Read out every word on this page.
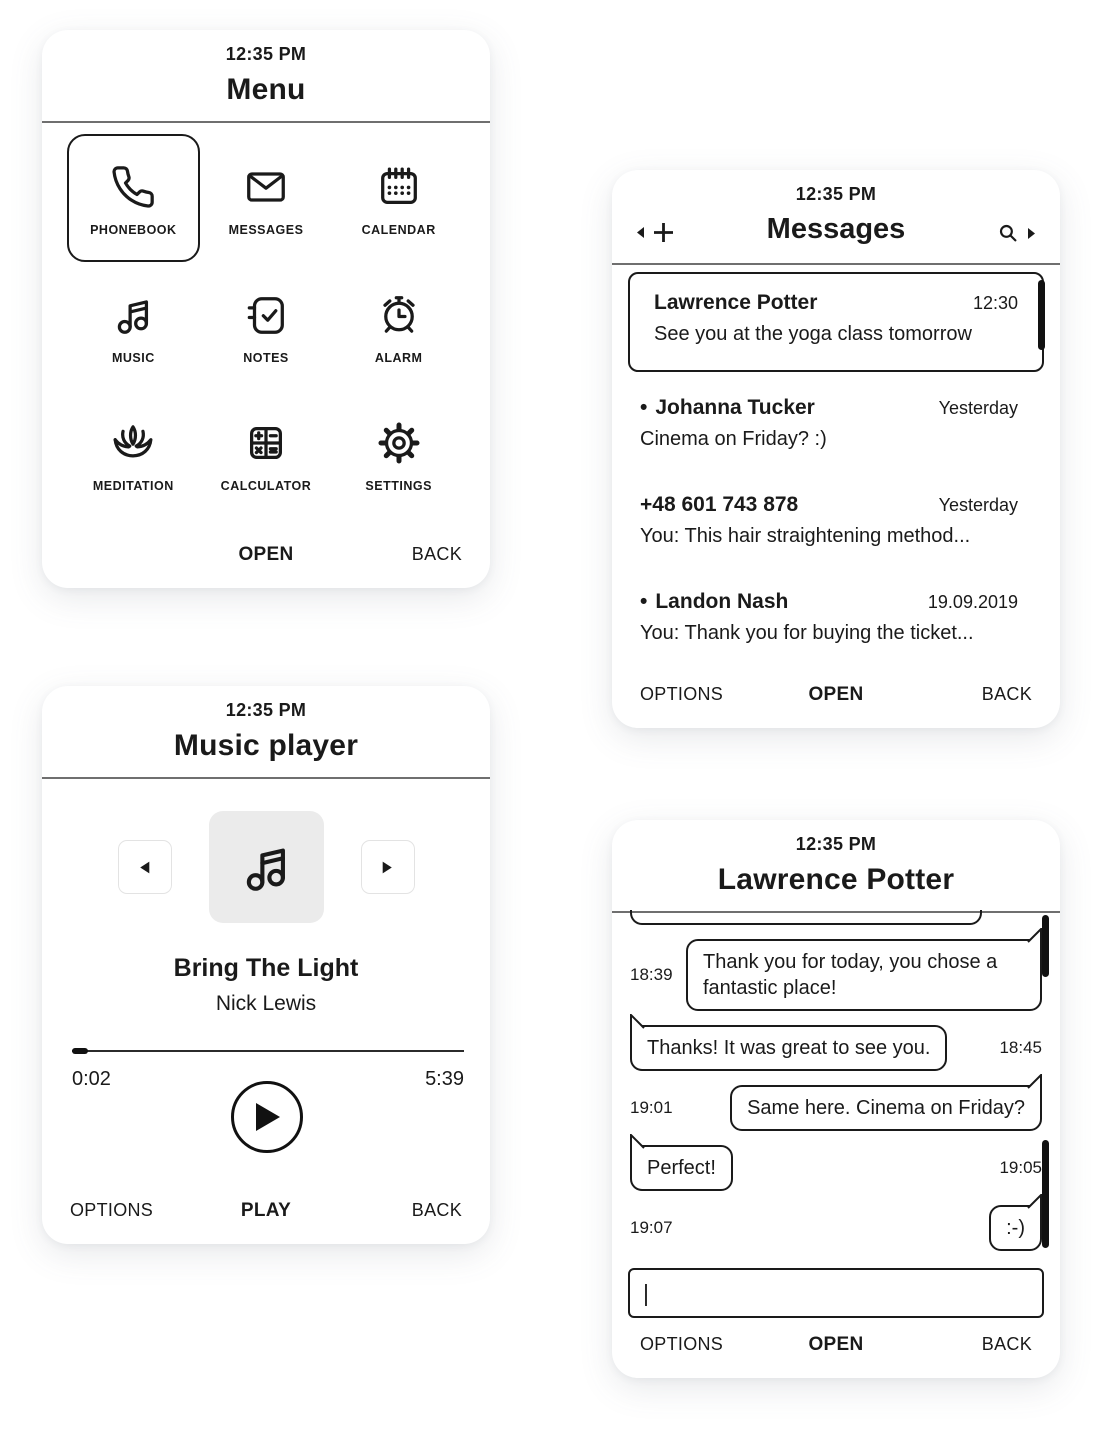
12:35 PM
Menu
PHONEBOOK	MESSAGES	CALENDAR
MUSIC	NOTES	ALARM
MEDITATION	CALCULATOR	SETTINGS
OPEN	BACK
12:35 PM
Messages
Lawrence Potter	12:30
See you at the yoga class tomorrow
• Johanna Tucker	Yesterday
Cinema on Friday? :)
+48 601 743 878	Yesterday
You: This hair straightening method...
• Landon Nash	19.09.2019
You: Thank you for buying the ticket...
OPTIONS	OPEN	BACK
12:35 PM
Music player
Bring The Light
Nick Lewis
0:02	5:39
OPTIONS	PLAY	BACK
12:35 PM
Lawrence Potter
18:39
Thank you for today, you chose a fantastic place!
Thanks! It was great to see you.	18:45
19:01	Same here. Cinema on Friday?
Perfect!	19:05
19:07	:-)
|
OPTIONS	OPEN	BACK
